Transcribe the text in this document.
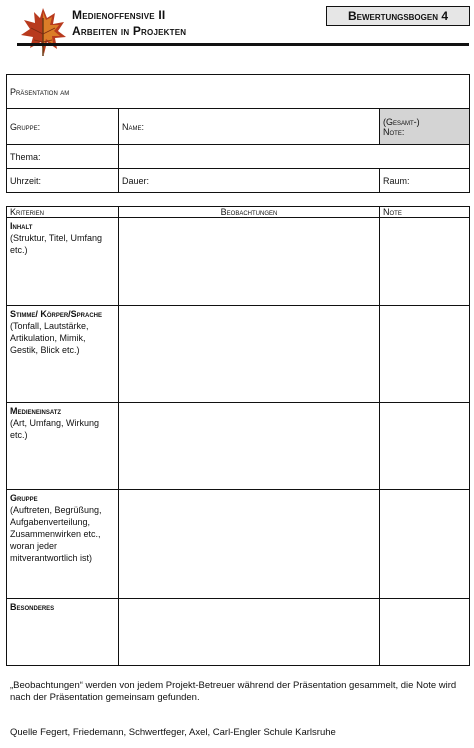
Medienoffensive II
Arbeiten in Projekten
Bewertungsbogen 4
Präsentation am		
Gruppe:	Name:	(Gesamt-)
Note:
Thema:		
Uhrzeit:	Dauer:	Raum:
Kriterien	Beobachtungen	Note

Inhalt
(Struktur, Titel, Umfang etc.)		

Stimme/ Körper/Sprache
(Tonfall, Lautstärke, Artikulation, Mimik, Gestik, Blick etc.)		

Medieneinsatz
(Art, Umfang, Wirkung etc.)		

Gruppe
(Auftreten, Begrüßung, Aufgabenverteilung, Zusammenwirken etc., woran jeder mitverantwortlich ist)		

Besonderes		

„Beobachtungen“ werden von jedem Projekt-Betreuer während der Präsentation gesammelt, die Note wird nach der Präsentation gemeinsam gefunden.
Quelle Fegert, Friedemann, Schwertfeger, Axel, Carl-Engler Schule Karlsruhe
